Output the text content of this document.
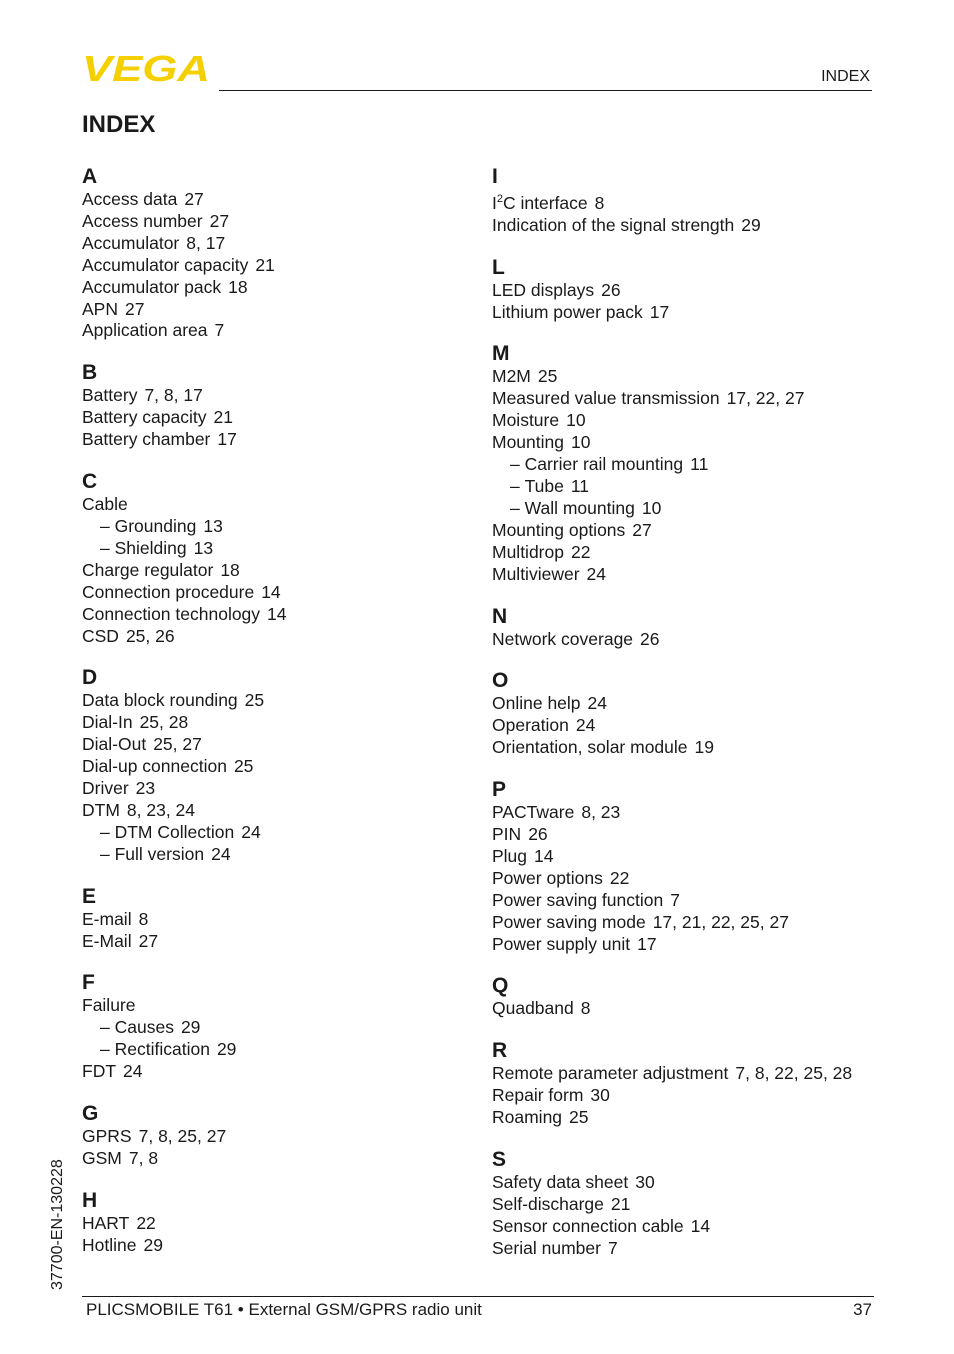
VEGA	INDEX
INDEX
A
Access data 27
Access number 27
Accumulator 8, 17
Accumulator capacity 21
Accumulator pack 18
APN 27
Application area 7
B
Battery 7, 8, 17
Battery capacity 21
Battery chamber 17
C
Cable
– Grounding 13
– Shielding 13
Charge regulator 18
Connection procedure 14
Connection technology 14
CSD 25, 26
D
Data block rounding 25
Dial-In 25, 28
Dial-Out 25, 27
Dial-up connection 25
Driver 23
DTM 8, 23, 24
– DTM Collection 24
– Full version 24
E
E-mail 8
E-Mail 27
F
Failure
– Causes 29
– Rectification 29
FDT 24
G
GPRS 7, 8, 25, 27
GSM 7, 8
H
HART 22
Hotline 29
I
$I^2C$ interface 8
Indication of the signal strength 29
L
LED displays 26
Lithium power pack 17
M
M2M 25
Measured value transmission 17, 22, 27
Moisture 10
Mounting 10
– Carrier rail mounting 11
– Tube 11
– Wall mounting 10
Mounting options 27
Multidrop 22
Multiviewer 24
N
Network coverage 26
O
Online help 24
Operation 24
Orientation, solar module 19
P
PACTware 8, 23
PIN 26
Plug 14
Power options 22
Power saving function 7
Power saving mode 17, 21, 22, 25, 27
Power supply unit 17
Q
Quadband 8
R
Remote parameter adjustment 7, 8, 22, 25, 28
Repair form 30
Roaming 25
S
Safety data sheet 30
Self-discharge 21
Sensor connection cable 14
Serial number 7
37700-EN-130228
PLICSMOBILE T61 • External GSM/GPRS radio unit	37
